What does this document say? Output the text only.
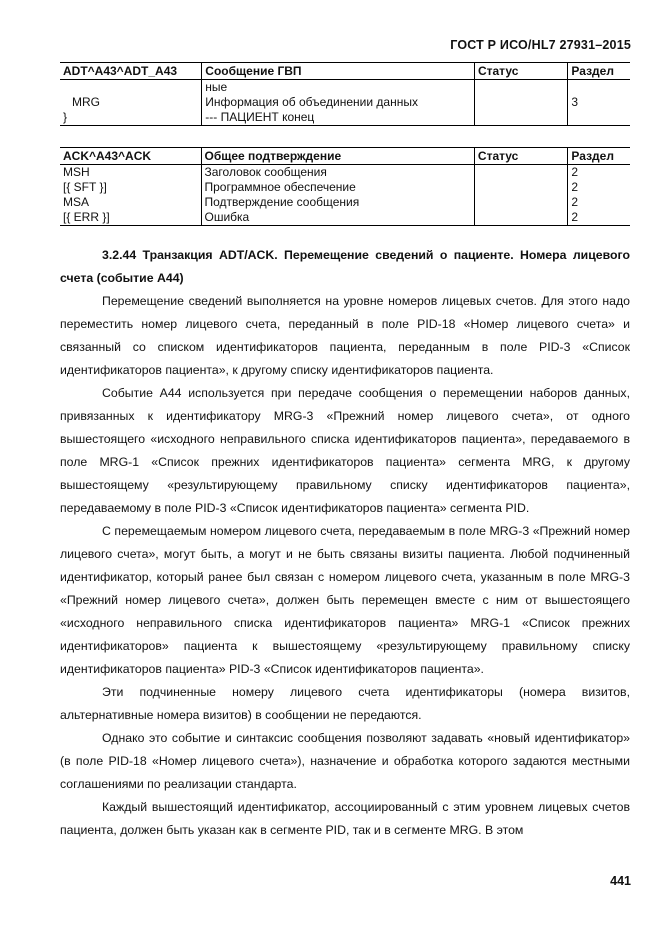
ГОСТ Р ИСО/HL7 27931–2015
ADT^A43^ADT_A43	Сообщение ГВП	Статус	Раздел
	ные		
MRG	Информация об объединении данных		3
}	--- ПАЦИЕНТ конец		
ACK^A43^ACK	Общее подтверждение	Статус	Раздел
MSH	Заголовок сообщения		2
[{ SFT }]	Программное обеспечение		2
MSA	Подтверждение сообщения		2
[{ ERR }]	Ошибка		2

3.2.44 Транзакция ADT/ACK. Перемещение сведений о пациенте. Номера лицевого счета (событие A44)

Перемещение сведений выполняется на уровне номеров лицевых счетов. Для этого надо переместить номер лицевого счета, переданный в поле PID-18 «Номер лицевого счета» и связанный со списком идентификаторов пациента, переданным в поле PID-3 «Список идентификаторов пациента», к другому списку идентификаторов пациента.

Событие A44 используется при передаче сообщения о перемещении наборов данных, привязанных к идентификатору MRG-3 «Прежний номер лицевого счета», от одного вышестоящего «исходного неправильного списка идентификаторов пациента», передаваемого в поле MRG-1 «Список прежних идентификаторов пациента» сегмента MRG, к другому вышестоящему «результирующему правильному списку идентификаторов пациента», передаваемому в поле PID-3 «Список идентификаторов пациента» сегмента PID.

С перемещаемым номером лицевого счета, передаваемым в поле MRG-3 «Прежний номер лицевого счета», могут быть, а могут и не быть связаны визиты пациента. Любой подчиненный идентификатор, который ранее был связан с номером лицевого счета, указанным в поле MRG-3 «Прежний номер лицевого счета», должен быть перемещен вместе с ним от вышестоящего «исходного неправильного списка идентификаторов пациента» MRG-1 «Список прежних идентификаторов» пациента к вышестоящему «результирующему правильному списку идентификаторов пациента» PID-3 «Список идентификаторов пациента».

Эти подчиненные номеру лицевого счета идентификаторы (номера визитов, альтернативные номера визитов) в сообщении не передаются.

Однако это событие и синтаксис сообщения позволяют задавать «новый идентификатор» (в поле PID-18 «Номер лицевого счета»), назначение и обработка которого задаются местными соглашениями по реализации стандарта.

Каждый вышестоящий идентификатор, ассоциированный с этим уровнем лицевых счетов пациента, должен быть указан как в сегменте PID, так и в сегменте MRG. В этом

441
